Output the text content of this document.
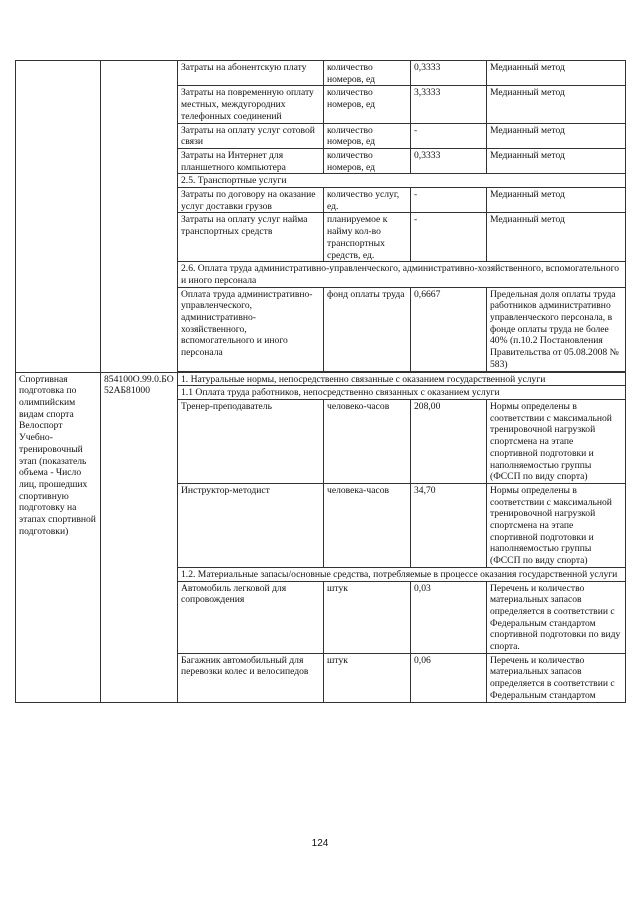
		Затраты на абонентскую плату	количество номеров, ед	0,3333	Медианный метод
		Затраты на повременную оплату местных, междугородних телефонных соединений	количество номеров, ед	3,3333	Медианный метод
		Затраты на оплату услуг сотовой связи	количество номеров, ед	-	Медианный метод
		Затраты на Интернет для планшетного компьютера	количество номеров, ед	0,3333	Медианный метод
		2.5. Транспортные услуги			
		Затраты по договору на оказание услуг доставки грузов	количество услуг, ед.	-	Медианный метод
		Затраты на оплату услуг найма транспортных средств	планируемое к найму кол-во транспортных средств, ед.	-	Медианный метод
		2.6. Оплата труда административно-управленческого, административно-хозяйственного, вспомогательного и иного персонала			
		Оплата труда административно-управленческого, административно-хозяйственного, вспомогательного и иного персонала	фонд оплаты труда	0,6667	Предельная доля оплаты труда работников административно управленческого персонала, в фонде оплаты труда не более 40% (п.10.2 Постановления Правительства от 05.08.2008 № 583)

Спортивная подготовка по олимпийским видам спорта Велоспорт Учебно-тренировочный этап (показатель объема - Число лиц, прошедших спортивную подготовку на этапах спортивной подготовки)	854100О.99.0.БО52АБ81000	1. Натуральные нормы, непосредственно связанные с оказанием государственной услуги			
		1.1 Оплата труда работников, непосредственно связанных с оказанием услуги			
		Тренер-преподаватель	человеко-часов	208,00	Нормы определены в соответствии с максимальной тренировочной нагрузкой спортсмена на этапе спортивной подготовки и наполняемостью группы (ФССП по виду спорта)
		Инструктор-методист	человека-часов	34,70	Нормы определены в соответствии с максимальной тренировочной нагрузкой спортсмена на этапе спортивной подготовки и наполняемостью группы (ФССП по виду спорта)
		1.2. Материальные запасы/основные средства, потребляемые в процессе оказания государственной услуги			
		Автомобиль легковой для сопровождения	штук	0,03	Перечень и количество материальных запасов определяется в соответствии с Федеральным стандартом спортивной подготовки по виду спорта.
		Багажник автомобильный для перевозки колес и велосипедов	штук	0,06	Перечень и количество материальных запасов определяется в соответствии с Федеральным стандартом
124
